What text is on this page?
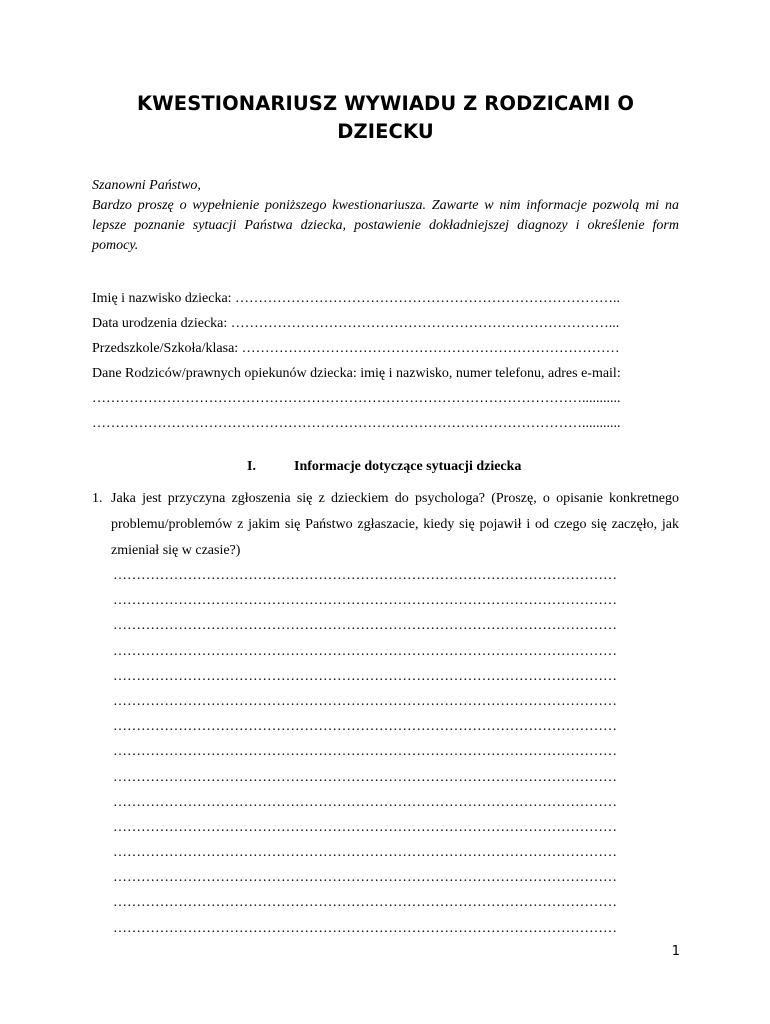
KWESTIONARIUSZ WYWIADU Z RODZICAMI O DZIECKU

Szanowni Państwo,

Bardzo proszę o wypełnienie poniższego kwestionariusza. Zawarte w nim informacje pozwolą mi na lepsze poznanie sytuacji Państwa dziecka, postawienie dokładniejszej diagnozy i określenie form pomocy.

Imię i nazwisko dziecka: ………………………………………………………………………..
Data urodzenia dziecka: ………………………………………………………………………...
Przedszkole/Szkoła/klasa: ………………………………………………………………………
Dane Rodziców/prawnych opiekunów dziecka: imię i nazwisko, numer telefonu, adres e-mail:
……………………………………………………………………………………………...........
……………………………………………………………………………………………...........
I.	Informacje dotyczące sytuacji dziecka
1. Jaka jest przyczyna zgłoszenia się z dzieckiem do psychologa? (Proszę, o opisanie konkretnego problemu/problemów z jakim się Państwo zgłaszacie, kiedy się pojawił i od czego się zaczęło, jak zmieniał się w czasie?)
………………………………………………………………………………………………
………………………………………………………………………………………………
………………………………………………………………………………………………
………………………………………………………………………………………………
………………………………………………………………………………………………
………………………………………………………………………………………………
………………………………………………………………………………………………
………………………………………………………………………………………………
………………………………………………………………………………………………
………………………………………………………………………………………………
………………………………………………………………………………………………
………………………………………………………………………………………………
………………………………………………………………………………………………
………………………………………………………………………………………………
………………………………………………………………………………………………
1
